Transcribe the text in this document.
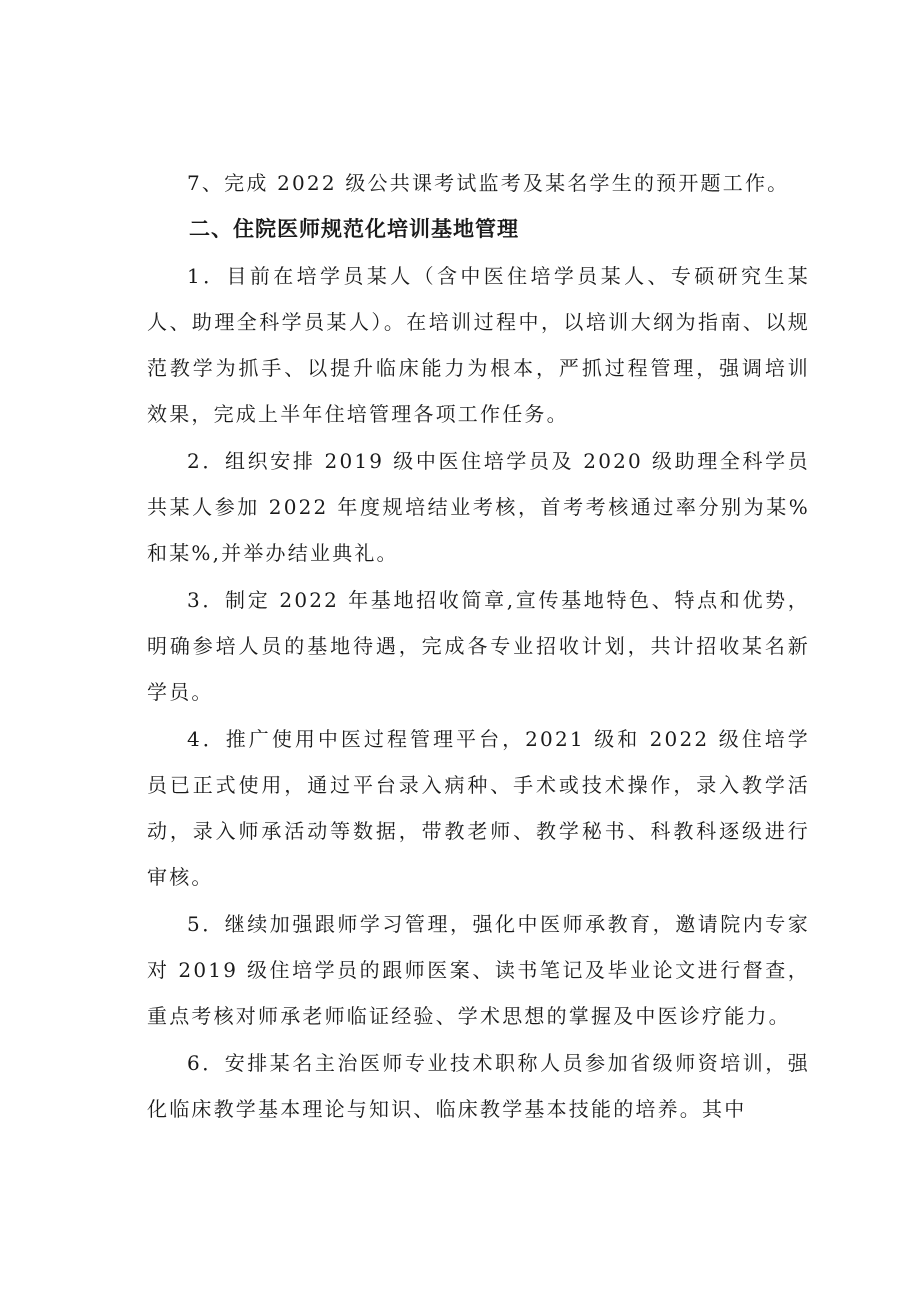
7、完成 2022 级公共课考试监考及某名学生的预开题工作。

二、住院医师规范化培训基地管理

1．目前在培学员某人（含中医住培学员某人、专硕研究生某人、助理全科学员某人）。在培训过程中，以培训大纲为指南、以规范教学为抓手、以提升临床能力为根本，严抓过程管理，强调培训效果，完成上半年住培管理各项工作任务。

2．组织安排 2019 级中医住培学员及 2020 级助理全科学员共某人参加 2022 年度规培结业考核，首考考核通过率分别为某%和某%,并举办结业典礼。

3．制定 2022 年基地招收简章,宣传基地特色、特点和优势，明确参培人员的基地待遇，完成各专业招收计划，共计招收某名新学员。

4．推广使用中医过程管理平台，2021 级和 2022 级住培学员已正式使用，通过平台录入病种、手术或技术操作，录入教学活动，录入师承活动等数据，带教老师、教学秘书、科教科逐级进行审核。

5．继续加强跟师学习管理，强化中医师承教育，邀请院内专家对 2019 级住培学员的跟师医案、读书笔记及毕业论文进行督查，重点考核对师承老师临证经验、学术思想的掌握及中医诊疗能力。

6．安排某名主治医师专业技术职称人员参加省级师资培训，强化临床教学基本理论与知识、临床教学基本技能的培养。其中
